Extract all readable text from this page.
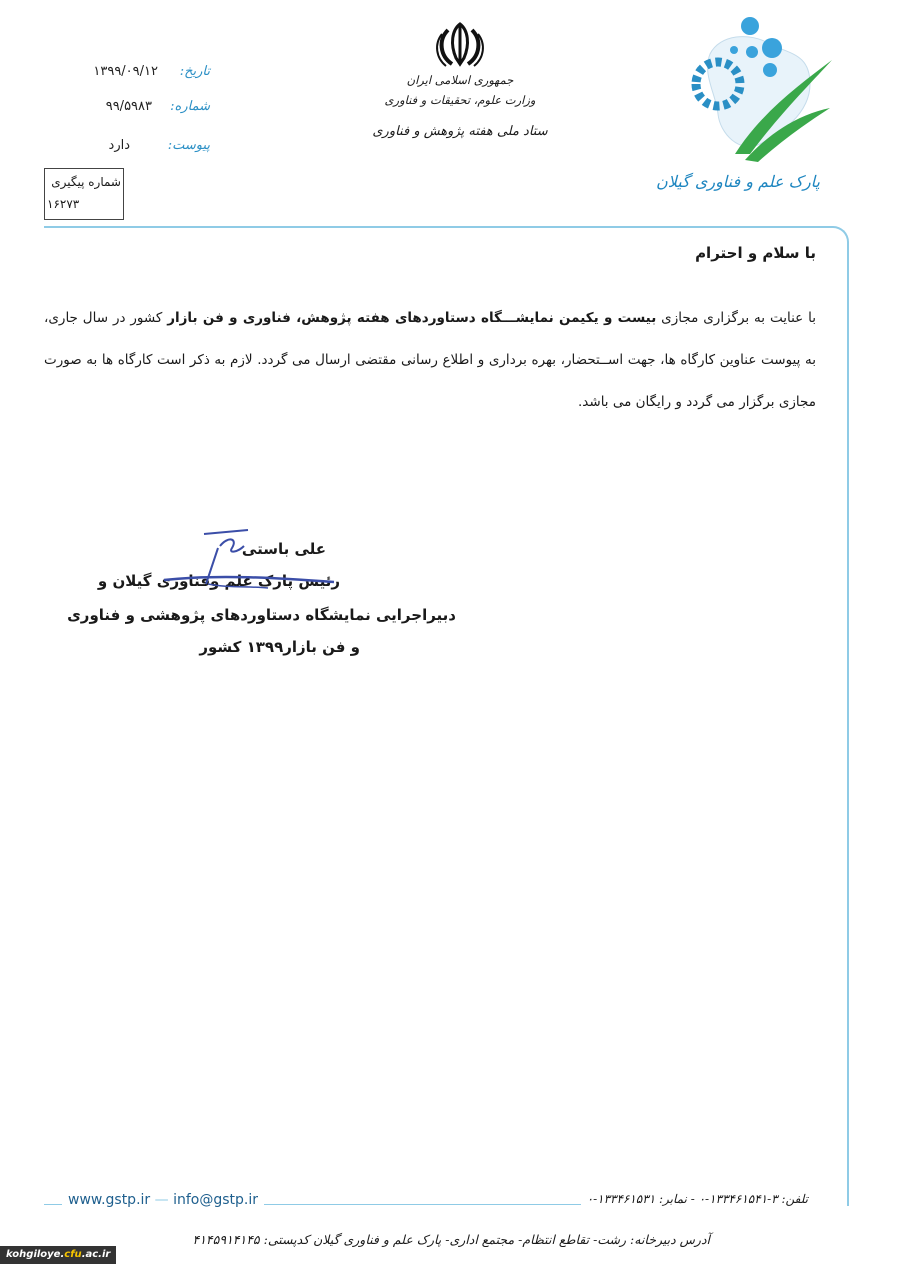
تاریخ:
۱۳۹۹/۰۹/۱۲
شماره:
۹۹/۵۹۸۳
پیوست:
دارد
شماره پیگیری
۱۶۲۷۳
جمهوری اسلامی ایران
وزارت علوم، تحقیقات و فناوری
ستاد ملی هفته پژوهش و فناوری
پارک علم و فناوری گیلان
با سلام و احترام
با عنایت به برگزاری مجازی بیست و یکیمن نمایشـــگاه دستاوردهای هفته پژوهش، فناوری و فن بازار کشور در سال جاری، به پیوست عناوین کارگاه ها، جهت اســتحضار، بهره برداری و اطلاع رسانی مقتضی ارسال می گردد. لازم به ذکر است کارگاه ها به صورت مجازی برگزار می گردد و رایگان می باشد.
علی باستی
رئیس پارک علم وفناوری گیلان و
دبیراجرایی نمایشگاه دستاوردهای پژوهشی و فناوری
و فن بازار۱۳۹۹ کشور
www.gstp.ir — info@gstp.ir	تلفن: ۳-۱۳۳۴۶۱۵۴۱-۰ - نمابر: ۱۳۳۴۶۱۵۳۱-۰
آدرس دبیرخانه: رشت- تقاطع انتظام- مجتمع اداری- پارک علم و فناوری گیلان کدپستی: ۴۱۴۵۹۱۴۱۴۵
kohgiloye.cfu.ac.ir
